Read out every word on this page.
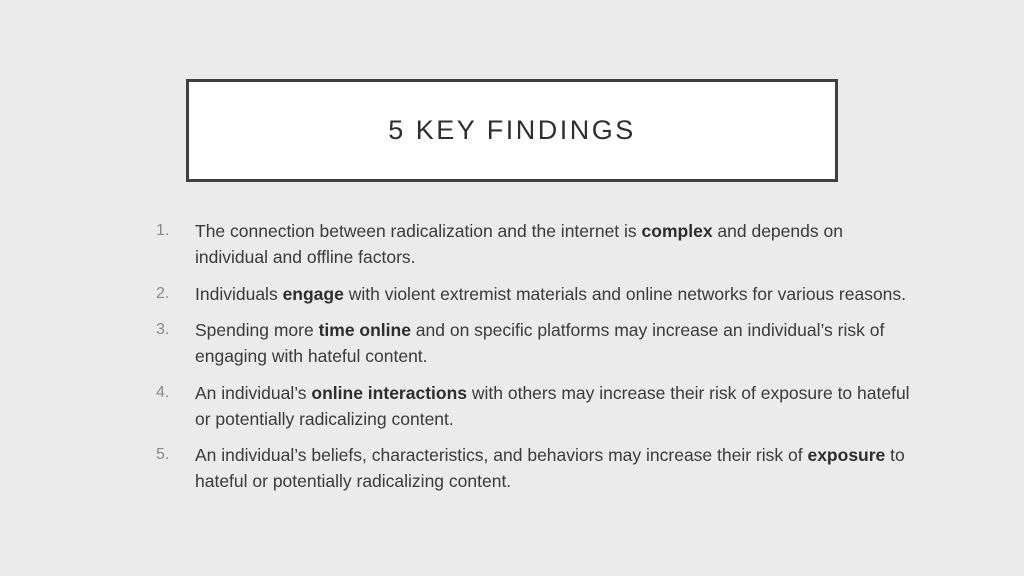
5 KEY FINDINGS
1. The connection between radicalization and the internet is complex and depends on individual and offline factors.
2. Individuals engage with violent extremist materials and online networks for various reasons.
3. Spending more time online and on specific platforms may increase an individual’s risk of engaging with hateful content.
4. An individual’s online interactions with others may increase their risk of exposure to hateful or potentially radicalizing content.
5. An individual’s beliefs, characteristics, and behaviors may increase their risk of exposure to hateful or potentially radicalizing content.
